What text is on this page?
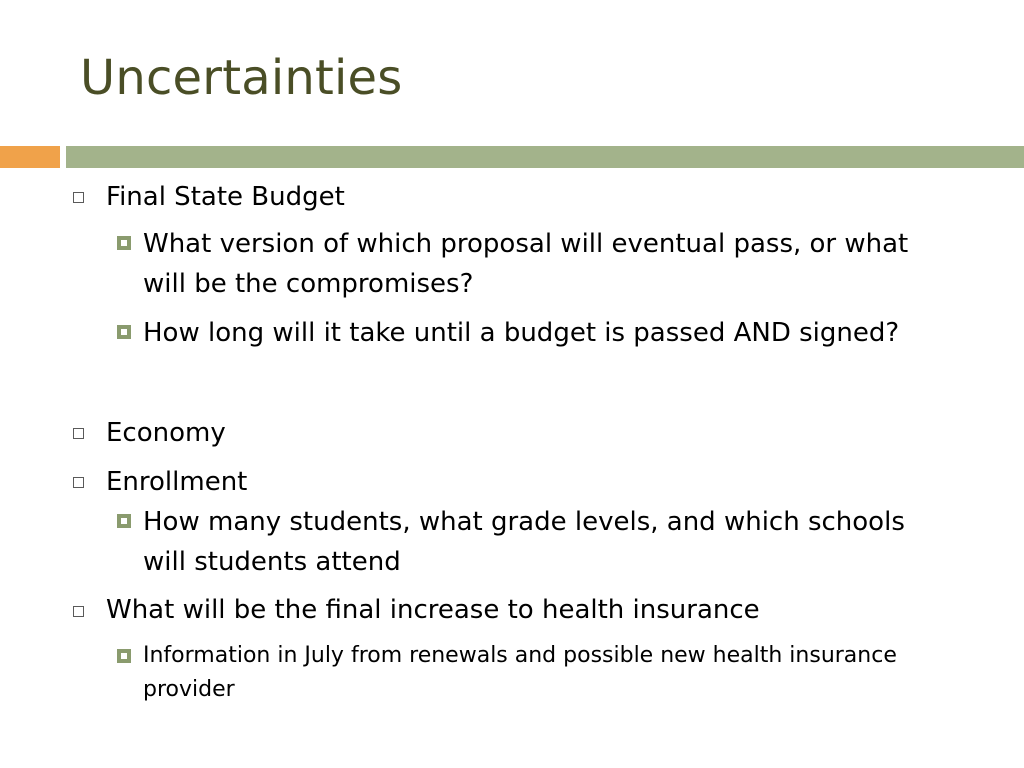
Uncertainties
Final State Budget
What version of which proposal will eventual pass, or what will be the compromises?
How long will it take until a budget is passed AND signed?
Economy
Enrollment
How many students, what grade levels, and which schools will students attend
What will be the final increase to health insurance
Information in July from renewals and possible new health insurance provider
